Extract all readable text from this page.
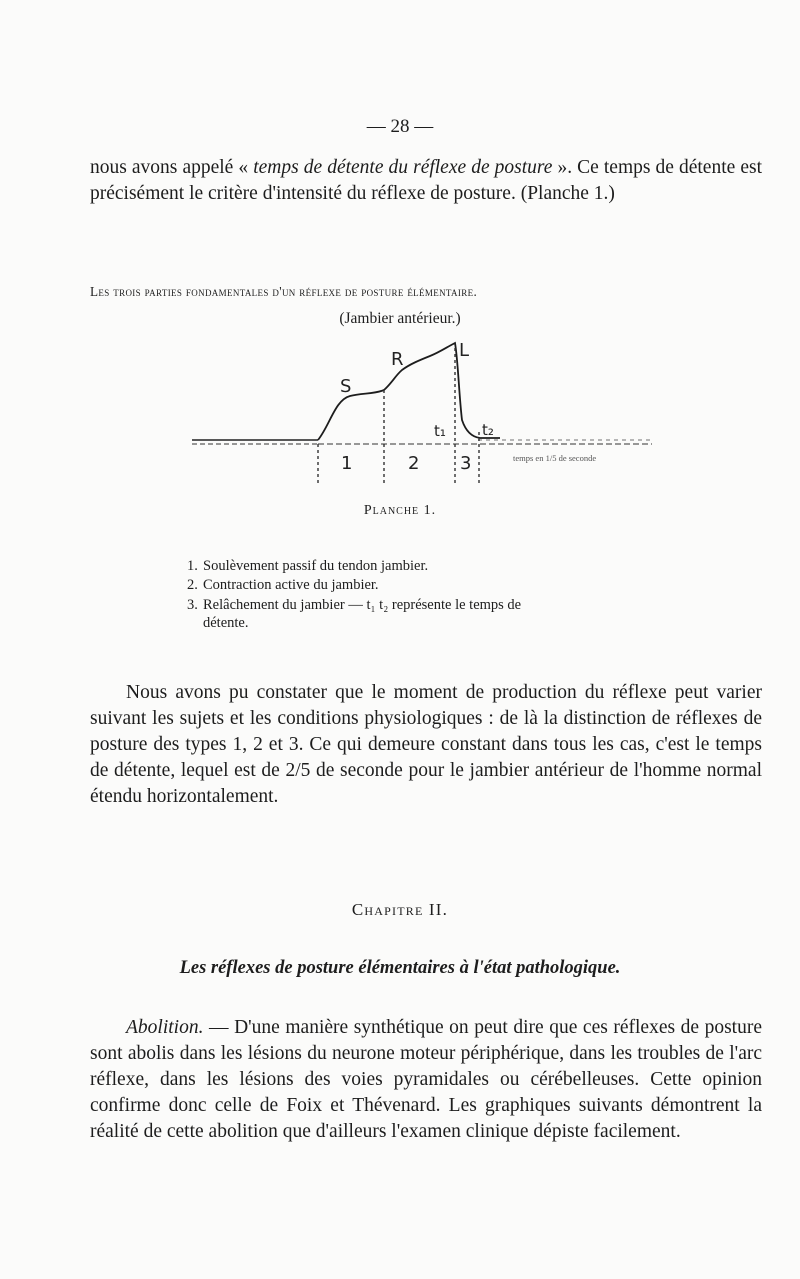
— 28 —
nous avons appelé « temps de détente du réflexe de posture ». Ce temps de détente est précisément le critère d'intensité du réflexe de posture. (Planche 1.)
Les trois parties fondamentales d'un réflexe de posture élémentaire.
(Jambier antérieur.)
S
R	L
t₁ t₂
1	2 3	temps en 1/5 de seconde
Planche 1.
1. Soulèvement passif du tendon jambier.
2. Contraction active du jambier.
3. Relâchement du jambier — t₁ t₂ représente le temps de
détente.
Nous avons pu constater que le moment de production du réflexe peut varier suivant les sujets et les conditions physiologiques : de là la distinction de réflexes de posture des types 1, 2 et 3. Ce qui demeure constant dans tous les cas, c'est le temps de détente, lequel est de 2/5 de seconde pour le jambier antérieur de l'homme normal étendu horizontalement.
Chapitre II.
Les réflexes de posture élémentaires à l'état pathologique.
Abolition. — D'une manière synthétique on peut dire que ces réflexes de posture sont abolis dans les lésions du neurone moteur périphérique, dans les troubles de l'arc réflexe, dans les lésions des voies pyramidales ou cérébelleuses. Cette opinion confirme donc celle de Foix et Thévenard. Les graphiques suivants démontrent la réalité de cette abolition que d'ailleurs l'examen clinique dépiste facilement.
